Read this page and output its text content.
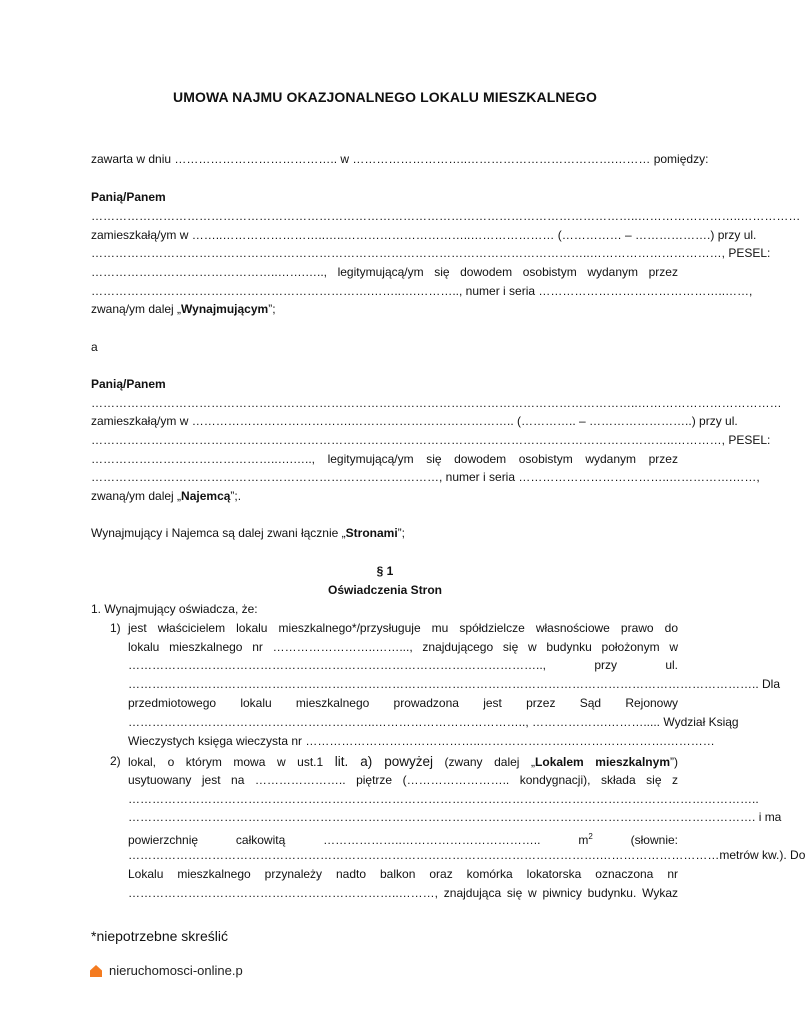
UMOWA NAJMU OKAZJONALNEGO LOKALU MIESZKALNEGO
zawarta w dniu ………………………………….. w ………………………..……………………………….……… pomiędzy:
Panią/Panem
………………………………………………………………………………………………………………………..……………………..……………
zamieszkałą/ym w ……..……………………..…..…………………………..………………… (…………… – ……………….) przy ul.
……………………………………………………………………………………………………………..……………………………, PESEL:
………………………………………..…….….., legitymującą/ym się dowodem osobistym wydanym przez
…………………………………………………………….……..….……….., numer i seria ………………………………………..……,
zwaną/ym dalej „Wynajmującym”;
a
Panią/Panem
………………………………………………………………………………………………………………………..………………………………
zamieszkałą/ym w ………………………………….………………………………….. (………….. – ……………………..) przy ul.
………………………………………………………………………………………………………………………………..…………, PESEL:
………………………………………..….….., legitymującą/ym się dowodem osobistym wydanym przez
……………………………………………………………………………, numer i seria ………………………………..…………….……,
zwaną/ym dalej „Najemcą”;.
Wynajmujący i Najemca są dalej zwani łącznie „Stronami”;
§ 1
Oświadczenia Stron
1. Wynajmujący oświadcza, że:
1) jest właścicielem lokalu mieszkalnego*/przysługuje mu spółdzielcze własnościowe prawo do
lokalu mieszkalnego nr ……………………..……..., znajdującego się w budynku położonym w
…………………………………………………………………………………………..,	przy	ul.
………………………………………………………………………………………………………………………………………….. Dla
przedmiotowego lokalu mieszkalnego prowadzona jest przez Sąd Rejonowy
……………………………………………………..……………………………….., ……………….………..... Wydział Ksiąg
Wieczystych księga wieczysta nr ……………………………………..………………….…………………….…………
2) lokal, o którym mowa w ust.1 lit. a) powyżej (zwany dalej „Lokalem mieszkalnym”)
usytuowany jest na ………………….. piętrze (…………………….. kondygnacji), składa się z
…………………………………………………………………………………………………………………………………………..
…………………………………………………………………………………………………………………………………………. i ma
powierzchnię	całkowitą	………………..……………………………..	$m^2$	(słownie:
……………………………………………………………………………………………………….…………………………metrów kw.). Do
Lokalu mieszkalnego przynależy nadto balkon oraz komórka lokatorska oznaczona nr
…………………………………………………………..………, znajdująca się w piwnicy budynku. Wykaz
*niepotrzebne skreślić
nieruchomosci-online.p
